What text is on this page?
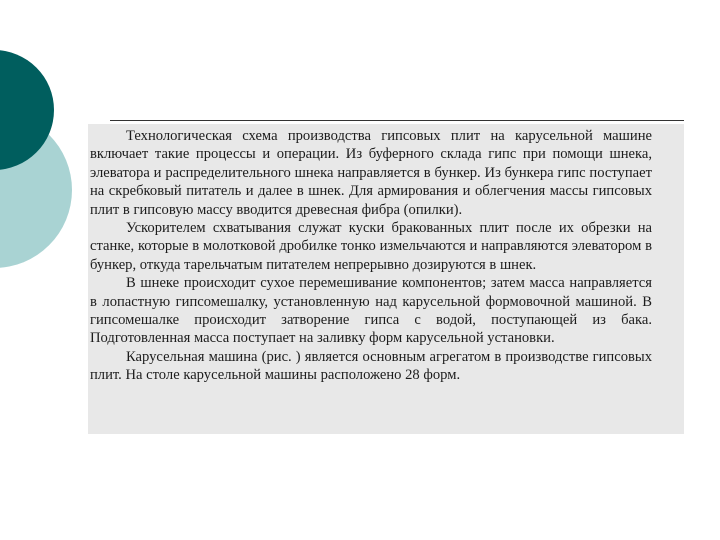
Технологическая схема производства гипсовых плит на карусельной машине включает такие процессы и операции. Из буферного склада гипс при помощи шнека, элеватора и распределительного шнека направляется в бункер. Из бункера гипс поступает на скребковый питатель и далее в шнек. Для армирования и облегчения массы гипсовых плит в гипсовую массу вводится древесная фибра (опилки).

Ускорителем схватывания служат куски бракованных плит после их обрезки на станке, которые в молотковой дробилке тонко измельчаются и направляются элеватором в бункер, откуда тарельчатым питателем непрерывно дозируются в шнек.

В шнеке происходит сухое перемешивание компонентов; затем масса направляется в лопастную гипсомешалку, установленную над карусельной формовочной машиной. В гипсомешалке происходит затворение гипса с водой, поступающей из бака. Подготовленная масса поступает на заливку форм карусельной установки.

Карусельная машина (рис. ) является основным агрегатом в производстве гипсовых плит. На столе карусельной машины расположено 28 форм.
